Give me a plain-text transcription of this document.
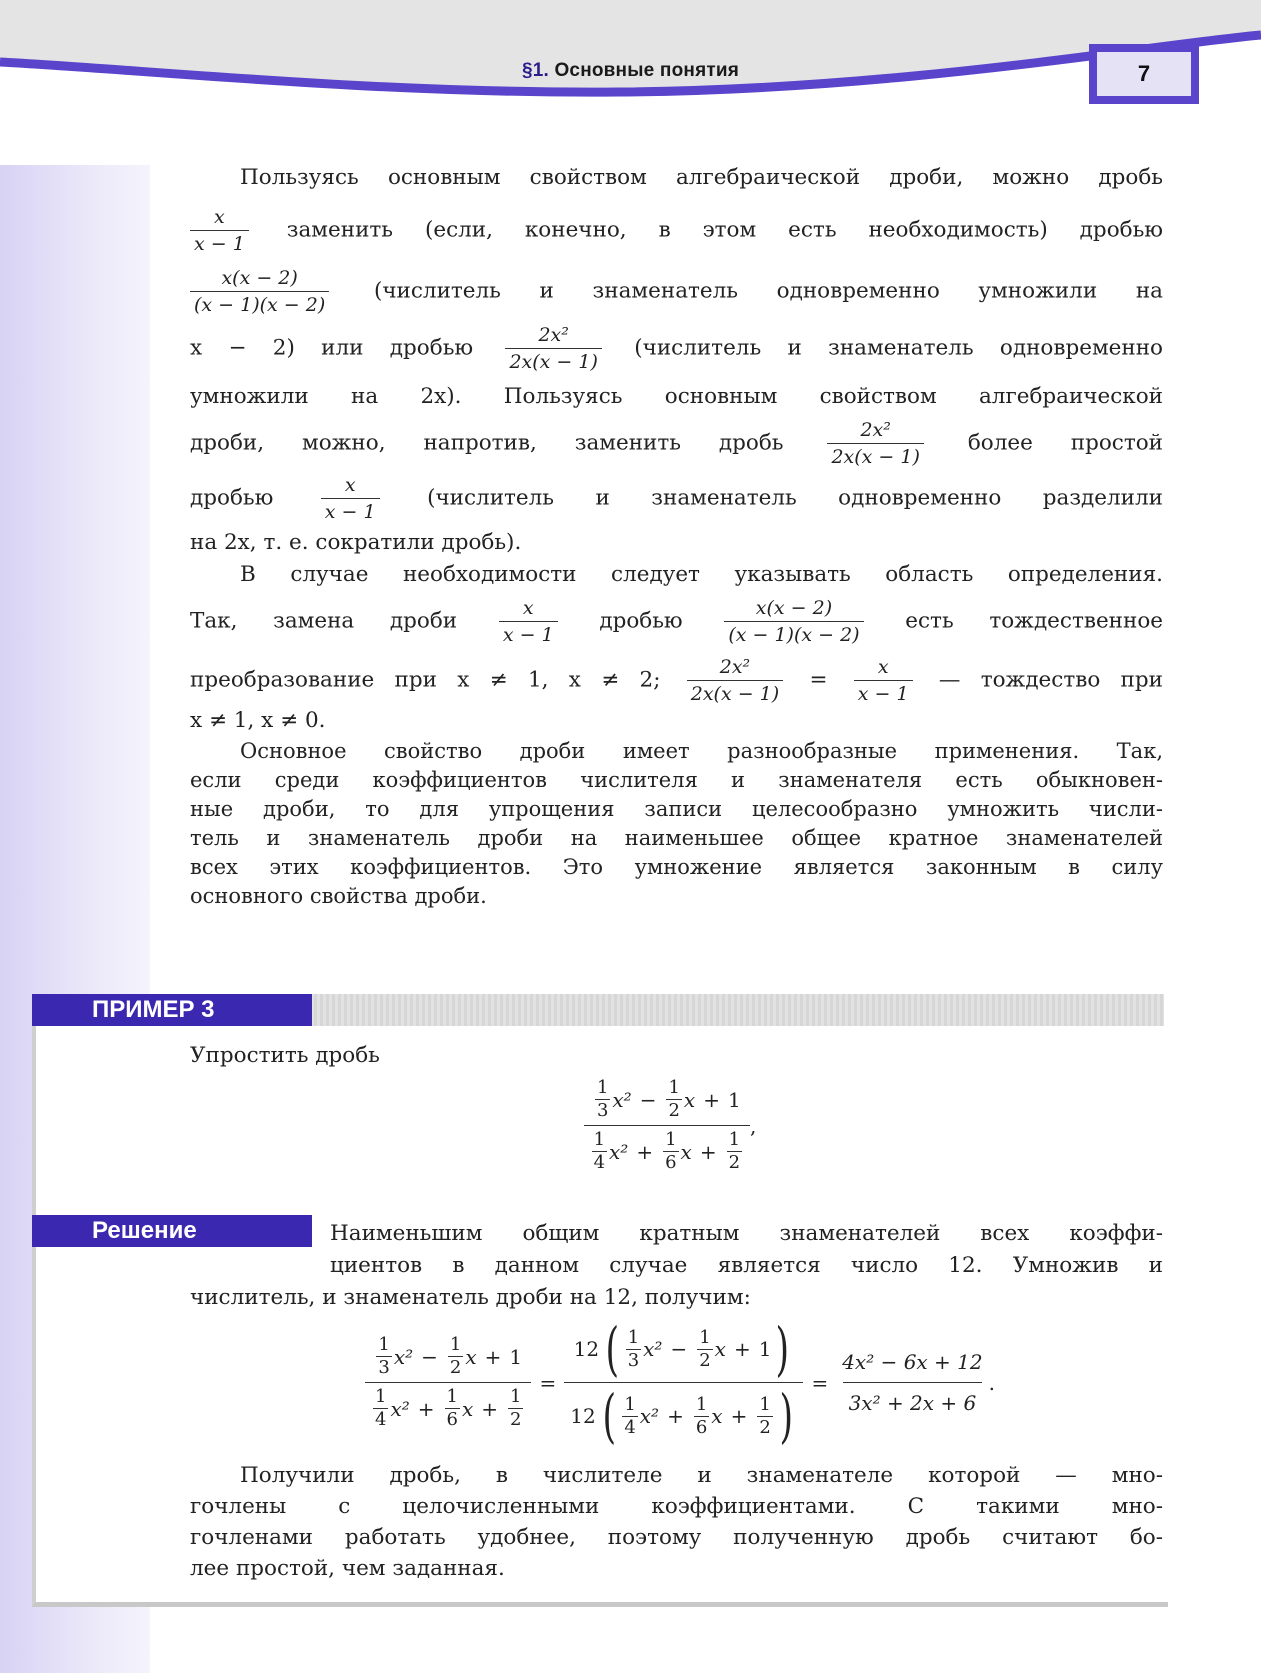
§1. Основные понятия	7

Пользуясь основным свойством алгебраической дроби, можно дробь
$\frac{x}{x - 1}$ заменить (если, конечно, в этом есть необходимость) дробью
$\frac{x(x - 2)}{(x - 1)(x - 2)}$ (числитель и знаменатель одновременно умножили на
x − 2) или дробью $\frac{\text{2x²}}{2x(x - 1)}$ (числитель и знаменатель одновременно
умножили на 2x). Пользуясь основным свойством алгебраической
дроби, можно, напротив, заменить дробь $\frac{\text{2x²}}{2x(x - 1)}$ более простой
дробью $\frac{x}{x - 1}$ (числитель и знаменатель одновременно разделили
на 2x, т. е. сократили дробь).

В случае необходимости следует указывать область определения.
Так, замена дроби $\frac{x}{x - 1}$ дробью $\frac{x(x - 2)}{(x - 1)(x - 2)}$ есть тождественное
преобразование при x ≠ 1, x ≠ 2; $\frac{\text{2x²}}{2x(x - 1)} = \frac{x}{x - 1}$ — тождество при
x ≠ 1, x ≠ 0.

Основное свойство дроби имеет разнообразные применения. Так,
если среди коэффициентов числителя и знаменателя есть обыкновен-
ные дроби, то для упрощения записи целесообразно умножить числи-
тель и знаменатель дроби на наименьшее общее кратное знаменателей
всех этих коэффициентов. Это умножение является законным в силу
основного свойства дроби.

ПРИМЕР 3
Упростить дробь
1
3 $x^2 - \frac{1}{2}$ x + 1
1
4 $x^2 + \frac{1}{6}$ $x + \frac{1}{2}$ ,
Решение	Наименьшим общим кратным знаменателей всех коэффи-
циентов в данном случае является число 12. Умножив и
числитель, и знаменатель дроби на 12, получим:
1
3 $x^2 - \frac{1}{2}$ x + 1
1
4 $x^2 + \frac{1}{6}$ $x + \frac{1}{2} = 12$ ( 1
3 $x^2 - \frac{1}{2}$ x + 1 )
12 ( 1
4 $x^2 + \frac{1}{6}$ $x + \frac{1}{2}$ ) = $\frac{\text{4x² − 6x + 12}}{\text{3x² + 2x + 6}}$ .
Получили дробь, в числителе и знаменателе которой — мно-
гочлены с целочисленными коэффициентами. С такими мно-
гочленами работать удобнее, поэтому полученную дробь считают бо-
лее простой, чем заданная.
